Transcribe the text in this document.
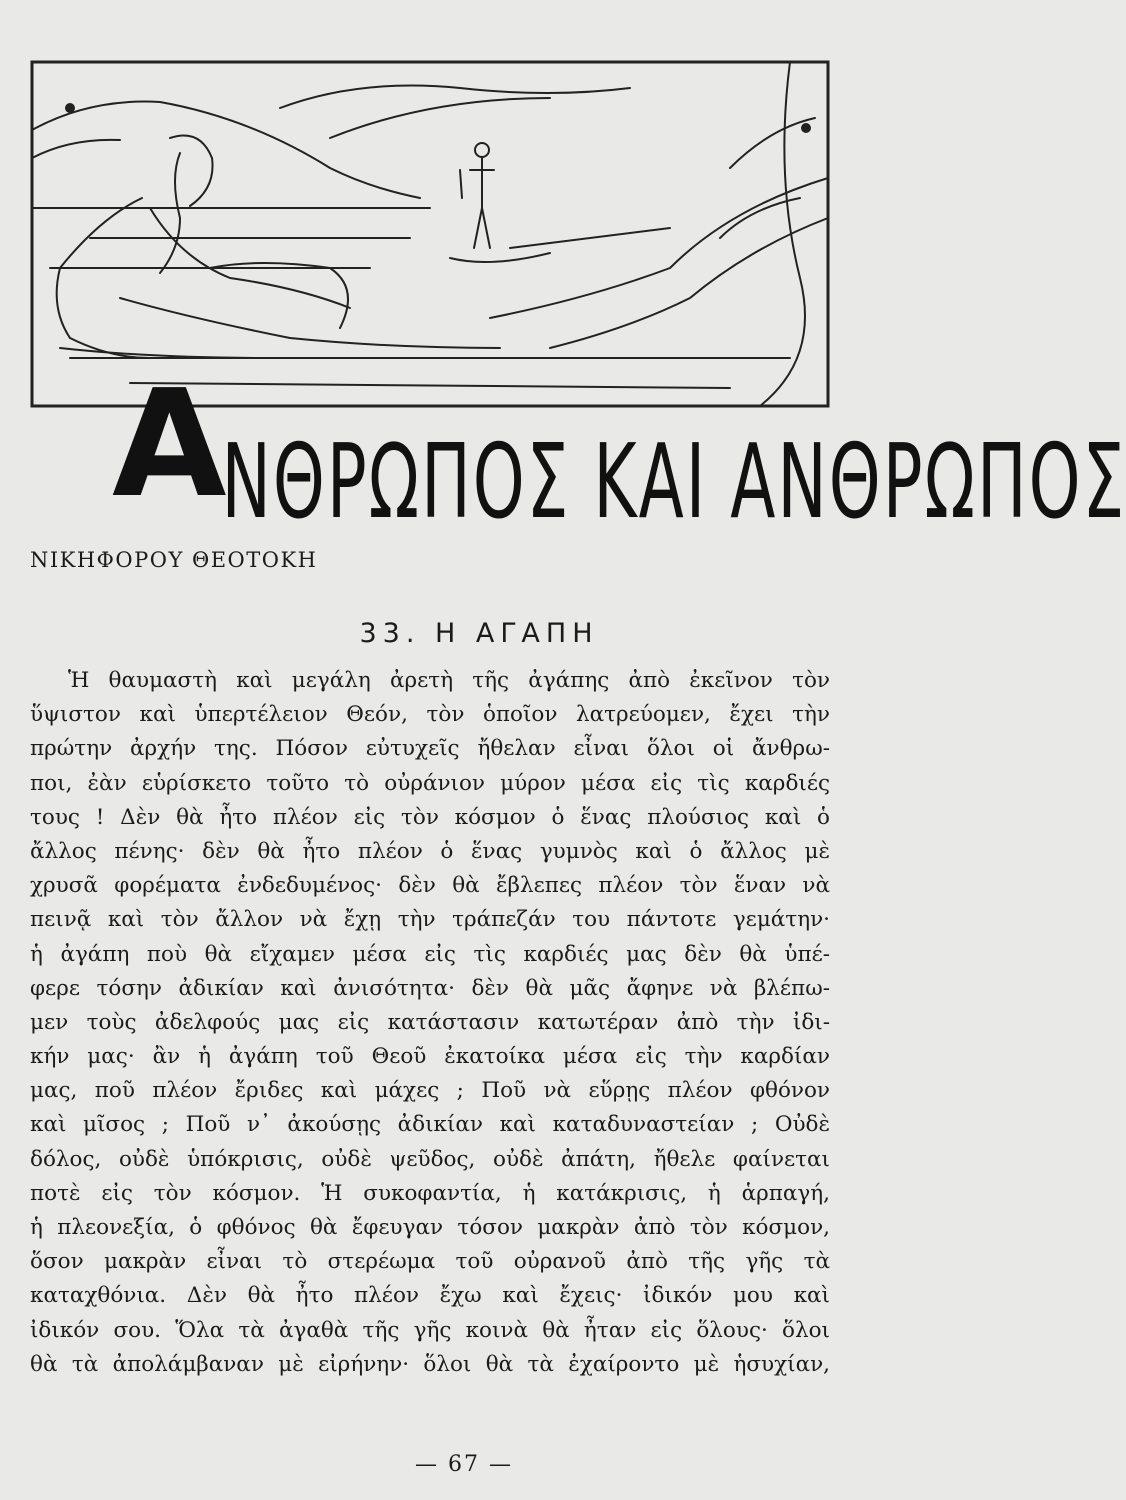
ΑΝΘΡΩΠΟΣ ΚΑΙ ΑΝΘΡΩΠΟΣ
ΝΙΚΗΦΟΡΟΥ ΘΕΟΤΟΚΗ
33. Η ΑΓΑΠΗ
Ἡ θαυμαστὴ καὶ μεγάλη ἀρετὴ τῆς ἀγάπης ἀπὸ ἐκεῖνον τὸν
ὕψιστον καὶ ὑπερτέλειον Θεόν, τὸν ὁποῖον λατρεύομεν, ἔχει τὴν
πρώτην ἀρχήν της. Πόσον εὐτυχεῖς ἤθελαν εἶναι ὅλοι οἱ ἄνθρω-
ποι, ἐὰν εὑρίσκετο τοῦτο τὸ οὐράνιον μύρον μέσα εἰς τὶς καρδιές
τους ! Δὲν θὰ ἦτο πλέον εἰς τὸν κόσμον ὁ ἕνας πλούσιος καὶ ὁ
ἄλλος πένης· δὲν θὰ ἦτο πλέον ὁ ἕνας γυμνὸς καὶ ὁ ἄλλος μὲ
χρυσᾶ φορέματα ἐνδεδυμένος· δὲν θὰ ἔβλεπες πλέον τὸν ἕναν νὰ
πεινᾷ καὶ τὸν ἄλλον νὰ ἔχῃ τὴν τράπεζάν του πάντοτε γεμάτην·
ἡ ἀγάπη ποὺ θὰ εἴχαμεν μέσα εἰς τὶς καρδιές μας δὲν θὰ ὑπέ-
φερε τόσην ἀδικίαν καὶ ἀνισότητα· δὲν θὰ μᾶς ἄφηνε νὰ βλέπω-
μεν τοὺς ἀδελφούς μας εἰς κατάστασιν κατωτέραν ἀπὸ τὴν ἰδι-
κήν μας· ἂν ἡ ἀγάπη τοῦ Θεοῦ ἐκατοίκα μέσα εἰς τὴν καρδίαν
μας, ποῦ πλέον ἔριδες καὶ μάχες ; Ποῦ νὰ εὕρῃς πλέον φθόνον
καὶ μῖσος ; Ποῦ ν᾿ ἀκούσῃς ἀδικίαν καὶ καταδυναστείαν ; Οὐδὲ
δόλος, οὐδὲ ὑπόκρισις, οὐδὲ ψεῦδος, οὐδὲ ἀπάτη, ἤθελε φαίνεται
ποτὲ εἰς τὸν κόσμον. Ἡ συκοφαντία, ἡ κατάκρισις, ἡ ἁρπαγή,
ἡ πλεονεξία, ὁ φθόνος θὰ ἔφευγαν τόσον μακρὰν ἀπὸ τὸν κόσμον,
ὅσον μακρὰν εἶναι τὸ στερέωμα τοῦ οὐρανοῦ ἀπὸ τῆς γῆς τὰ
καταχθόνια. Δὲν θὰ ἦτο πλέον ἔχω καὶ ἔχεις· ἰδικόν μου καὶ
ἰδικόν σου. Ὅλα τὰ ἀγαθὰ τῆς γῆς κοινὰ θὰ ἦταν εἰς ὅλους· ὅλοι
θὰ τὰ ἀπολάμβαναν μὲ εἰρήνην· ὅλοι θὰ τὰ ἐχαίροντο μὲ ἡσυχίαν,
— 67 —
